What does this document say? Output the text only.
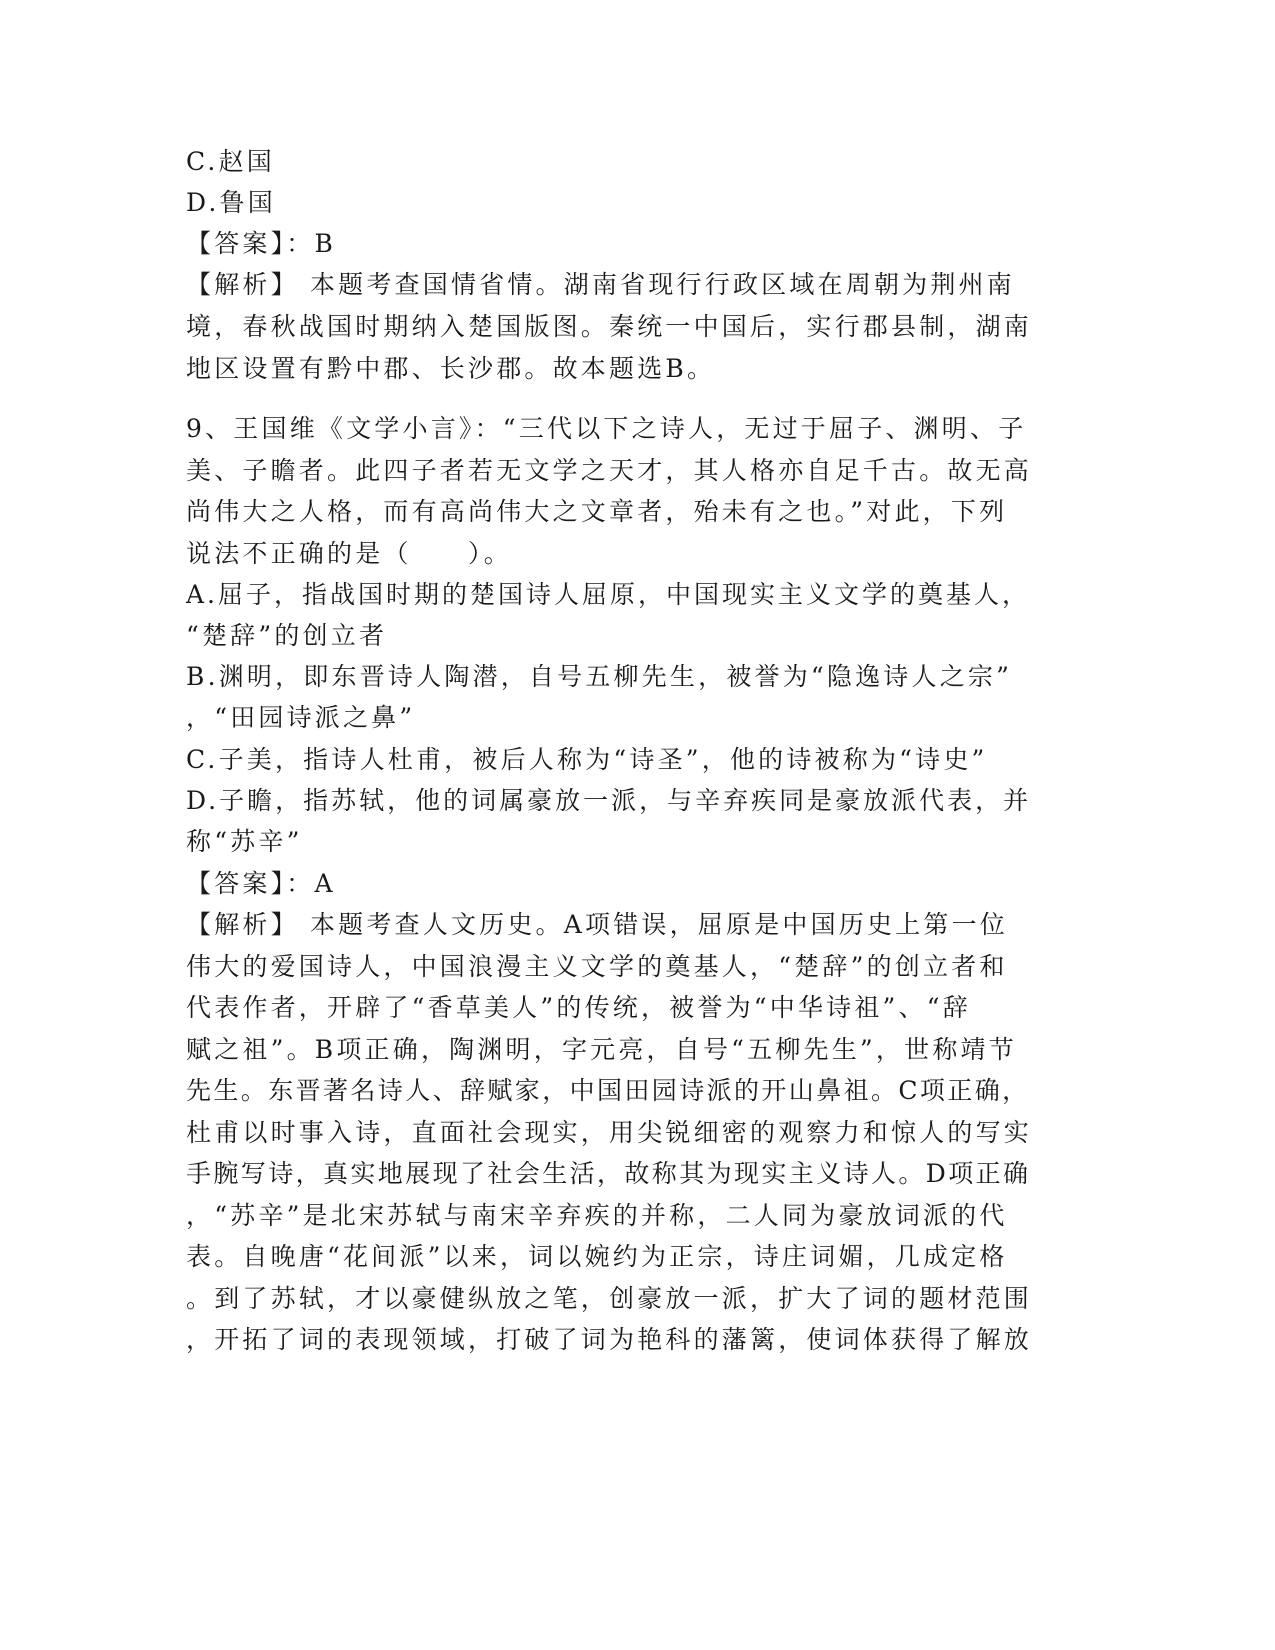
C.赵国
D.鲁国
【答案】：B
【解析】 本题考查国情省情。湖南省现行行政区域在周朝为荆州南
境，春秋战国时期纳入楚国版图。秦统一中国后，实行郡县制，湖南
地区设置有黔中郡、长沙郡。故本题选B。
9、王国维《文学小言》：“三代以下之诗人，无过于屈子、渊明、子
美、子瞻者。此四子者若无文学之天才，其人格亦自足千古。故无高
尚伟大之人格，而有高尚伟大之文章者，殆未有之也。”对此，下列
说法不正确的是（　　）。
A.屈子，指战国时期的楚国诗人屈原，中国现实主义文学的奠基人，
“楚辞”的创立者
B.渊明，即东晋诗人陶潜，自号五柳先生，被誉为“隐逸诗人之宗”
，“田园诗派之鼻”
C.子美，指诗人杜甫，被后人称为“诗圣”，他的诗被称为“诗史”
D.子瞻，指苏轼，他的词属豪放一派，与辛弃疾同是豪放派代表，并
称“苏辛”
【答案】：A
【解析】 本题考查人文历史。A项错误，屈原是中国历史上第一位
伟大的爱国诗人，中国浪漫主义文学的奠基人，“楚辞”的创立者和
代表作者，开辟了“香草美人”的传统，被誉为“中华诗祖”、“辞
赋之祖”。B项正确，陶渊明，字元亮，自号“五柳先生”，世称靖节
先生。东晋著名诗人、辞赋家，中国田园诗派的开山鼻祖。C项正确，
杜甫以时事入诗，直面社会现实，用尖锐细密的观察力和惊人的写实
手腕写诗，真实地展现了社会生活，故称其为现实主义诗人。D项正确
，“苏辛”是北宋苏轼与南宋辛弃疾的并称，二人同为豪放词派的代
表。自晚唐“花间派”以来，词以婉约为正宗，诗庄词媚，几成定格
。到了苏轼，才以豪健纵放之笔，创豪放一派，扩大了词的题材范围
，开拓了词的表现领域，打破了词为艳科的藩篱，使词体获得了解放
